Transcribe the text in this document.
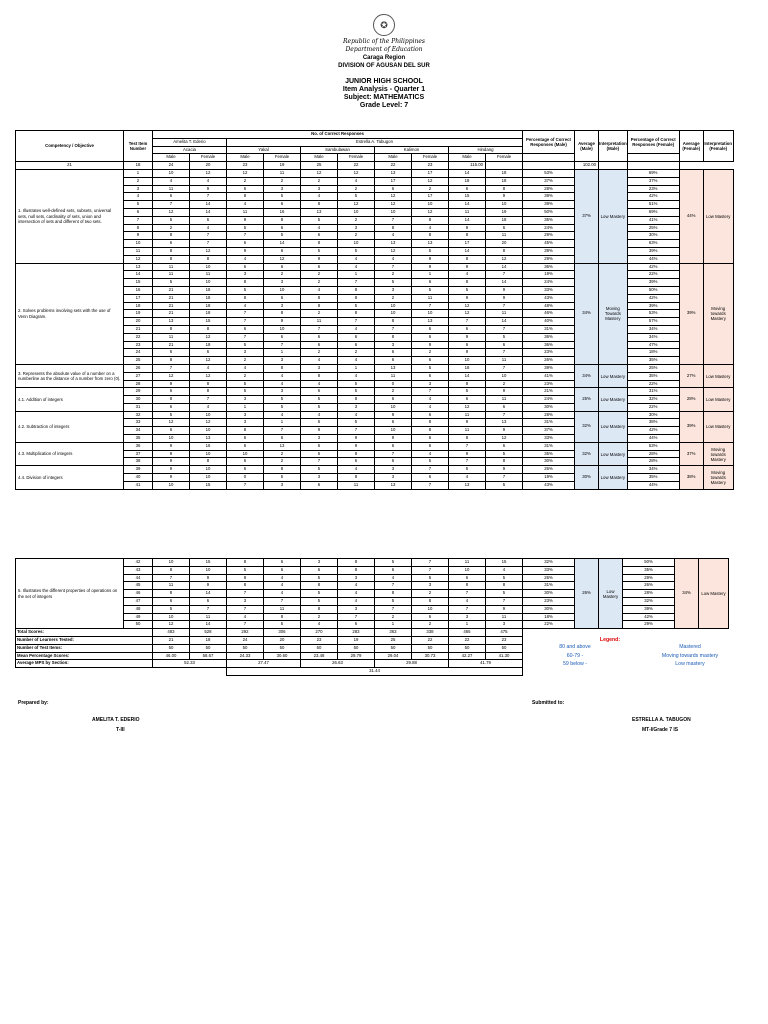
✪
Republic of the Philippines
Department of Education
Caraga Region
DIVISION OF AGUSAN DEL SUR
JUNIOR HIGH SCHOOL
Item Analysis - Quarter 1
Subject: MATHEMATICS
Grade Level: 7
Competency / Objective	Test Item Number	No. of Correct Responses										Percentage of Correct Responses (Male)	Average (Male)	Interpretation (Male)	Percentage of Correct Responses (Female)	Average (Female)	Interpretation (Female)
		Amelita T. Ederio		Estrella A. Tabugon													
		Acacia		Yakal		Sambulawan		Kalimon		Hindang							
		Male	Female	Male	Female	Male	Female	Male	Female	Male	Female						
21	18	24	20	23	19	25	22	22	23	115.00			102.00				
1. Illustrates well-defined sets, subsets, universal sets, null sets, cardinality of sets, union and intersection of sets and different of two sets.	1	10	12	12	11	12	12	13	17	14	18	53%	37%	Low Mastery	69%	44%	Low Mastery
	2	4	4	2	2	2	4	17	12	18	18	37%			37%		
	3	11	9	6	3	3	2	6	2	6	8	28%			23%		
	4	6	7	8	5	4	5	12	17	15	9	39%			42%		
	5	7	14	4	6	8	12	12	10	14	10	39%			51%		
	6	12	14	11	16	13	10	10	12	11	19	50%			69%		
	7	5	6	9	8	5	2	7	8	14	18	35%			41%		
	8	2	4	5	6	4	3	8	4	9	6	24%			25%		
	9	8	7	7	5	6	2	4	8	8	11	29%			30%		
	10	6	7	6	14	8	10	13	13	17	20	45%			63%		
	11	8	12	9	6	5	5	12	5	14	8	39%			39%		
	12	8	8	4	12	9	4	4	9	8	12	29%			44%		
2. Solves problems involving sets with the use of Venn Diagram.	13	11	10	6	6	6	4	7	9	9	14	36%	34%	Moving Towards Mastery	42%	39%	Moving towards Mastery
	14	11	11	3	2	2	1	2	1	4	7	19%			22%		
	15	5	10	8	3	2	7	5	6	8	14	24%			39%		
	16	21	18	5	10	4	8	3	5	5	9	33%			50%		
	17	21	18	8	6	8	8	2	11	9	9	43%			42%		
	18	21	18	4	3	8	5	10	7	12	7	48%			39%		
	19	21	18	7	8	2	8	10	10	12	11	46%			53%		
	20	13	15	7	9	11	7	8	13	7	14	40%			57%		
	21	8	8	6	10	7	4	7	6	6	7	31%			34%		
	22	11	12	7	6	6	6	8	6	9	5	36%			34%		
	23	21	18	5	7	6	6	3	9	6	6	36%			47%		
	24	6	6	3	1	2	2	6	2	9	7	23%			18%		
	25	8	12	2	3	4	4	6	6	10	11	26%			35%		
3. Represents the absolute value of a number on a numberline as the distance of a number from zero (0).	26	7	4	4	8	3	1	13	5	18	7	39%	34%	Low Mastery	25%	27%	Low Mastery
	27	12	12	2	4	8	4	11	6	14	10	41%			35%		
	28	9	8	5	4	4	5	0	3	8	2	23%			22%		
4.1. Addition of integers	29	6	8	5	3	6	5	2	7	5	9	21%	25%	Low Mastery	31%	28%	Low Mastery
	30	8	7	3	5	5	8	6	4	6	11	24%			32%		
	31	6	4	1	5	5	3	10	4	12	6	30%			22%		
4.2. Subtraction of integers	32	5	10	3	4	4	4	9	6	11	7	28%	32%	Low Mastery	30%	39%	Low Mastery
	33	12	12	3	1	6	5	6	8	9	13	31%			38%		
	34	6	10	8	7	9	7	10	8	11	9	37%			42%		
	35	10	13	6	6	3	9	9	6	8	12	33%			44%		
4.3. Multiplication of integers	36	9	16	6	13	6	9	6	6	7	6	31%	32%	Low Mastery	53%	37%	Moving towards Mastery
	37	9	10	10	2	5	8	7	4	9	5	35%			28%		
	38	9	8	6	2	7	6	6	5	7	8	30%			28%		
4.4. Division of integers	39	9	10	6	8	5	4	3	7	5	9	26%	30%	Low Mastery	34%	38%	Moving towards Mastery
	40	9	10	0	5	3	8	3	6	4	7	19%			35%		
	41	10	15	7	3	6	11	13	7	13	5	43%			44%		
5. Illustrates the different properties of operations on the set of integers	42	10	15	8	6	3	8	5	7	11	15	32%	26%	Low Mastery	50%	34%	Low Mastery
	43	8	10	5	6	6	8	6	7	10	4	33%			35%		
	44	7	9	8	4	5	3	4	5	6	5	26%			29%		
	45	11	9	8	4	8	4	7	3	8	8	31%			26%		
	46	8	14	7	4	5	4	8	2	7	5	30%			28%		
	47	6	6	3	7	5	4	5	8	4	7	23%			32%		
	48	5	7	7	11	8	3	7	10	7	9	30%			39%		
	49	10	11	4	8	2	7	2	6	3	11	18%			42%		
	50	12	14	7	5	4	6	1	2	1	3	22%			29%		
Total Scores:		483	528	292	306	270	283	363	338	465	475						
Number of Learners Tested:		21	18	24	20	23	19	25	22	22	23						
Number of Test Items:		50	50	50	50	50	50	50	50	50	50						
Mean Percentage Scores:		46.00	58.67	24.33	30.60	23.48	29.79	29.04	30.73	42.27	41.30						
Average MPS by Section:		52.33		27.47		26.63		29.88		41.79							
				31.44													
Legend:
80 and above	Mastered
60-79 -	Moving towards mastery
59 below -	Low mastery
Prepared by:	Submitted to:
AMELITA T. EDERIO
T-III
ESTRELLA A. TABUGON
MT-I/Grade 7 IS
